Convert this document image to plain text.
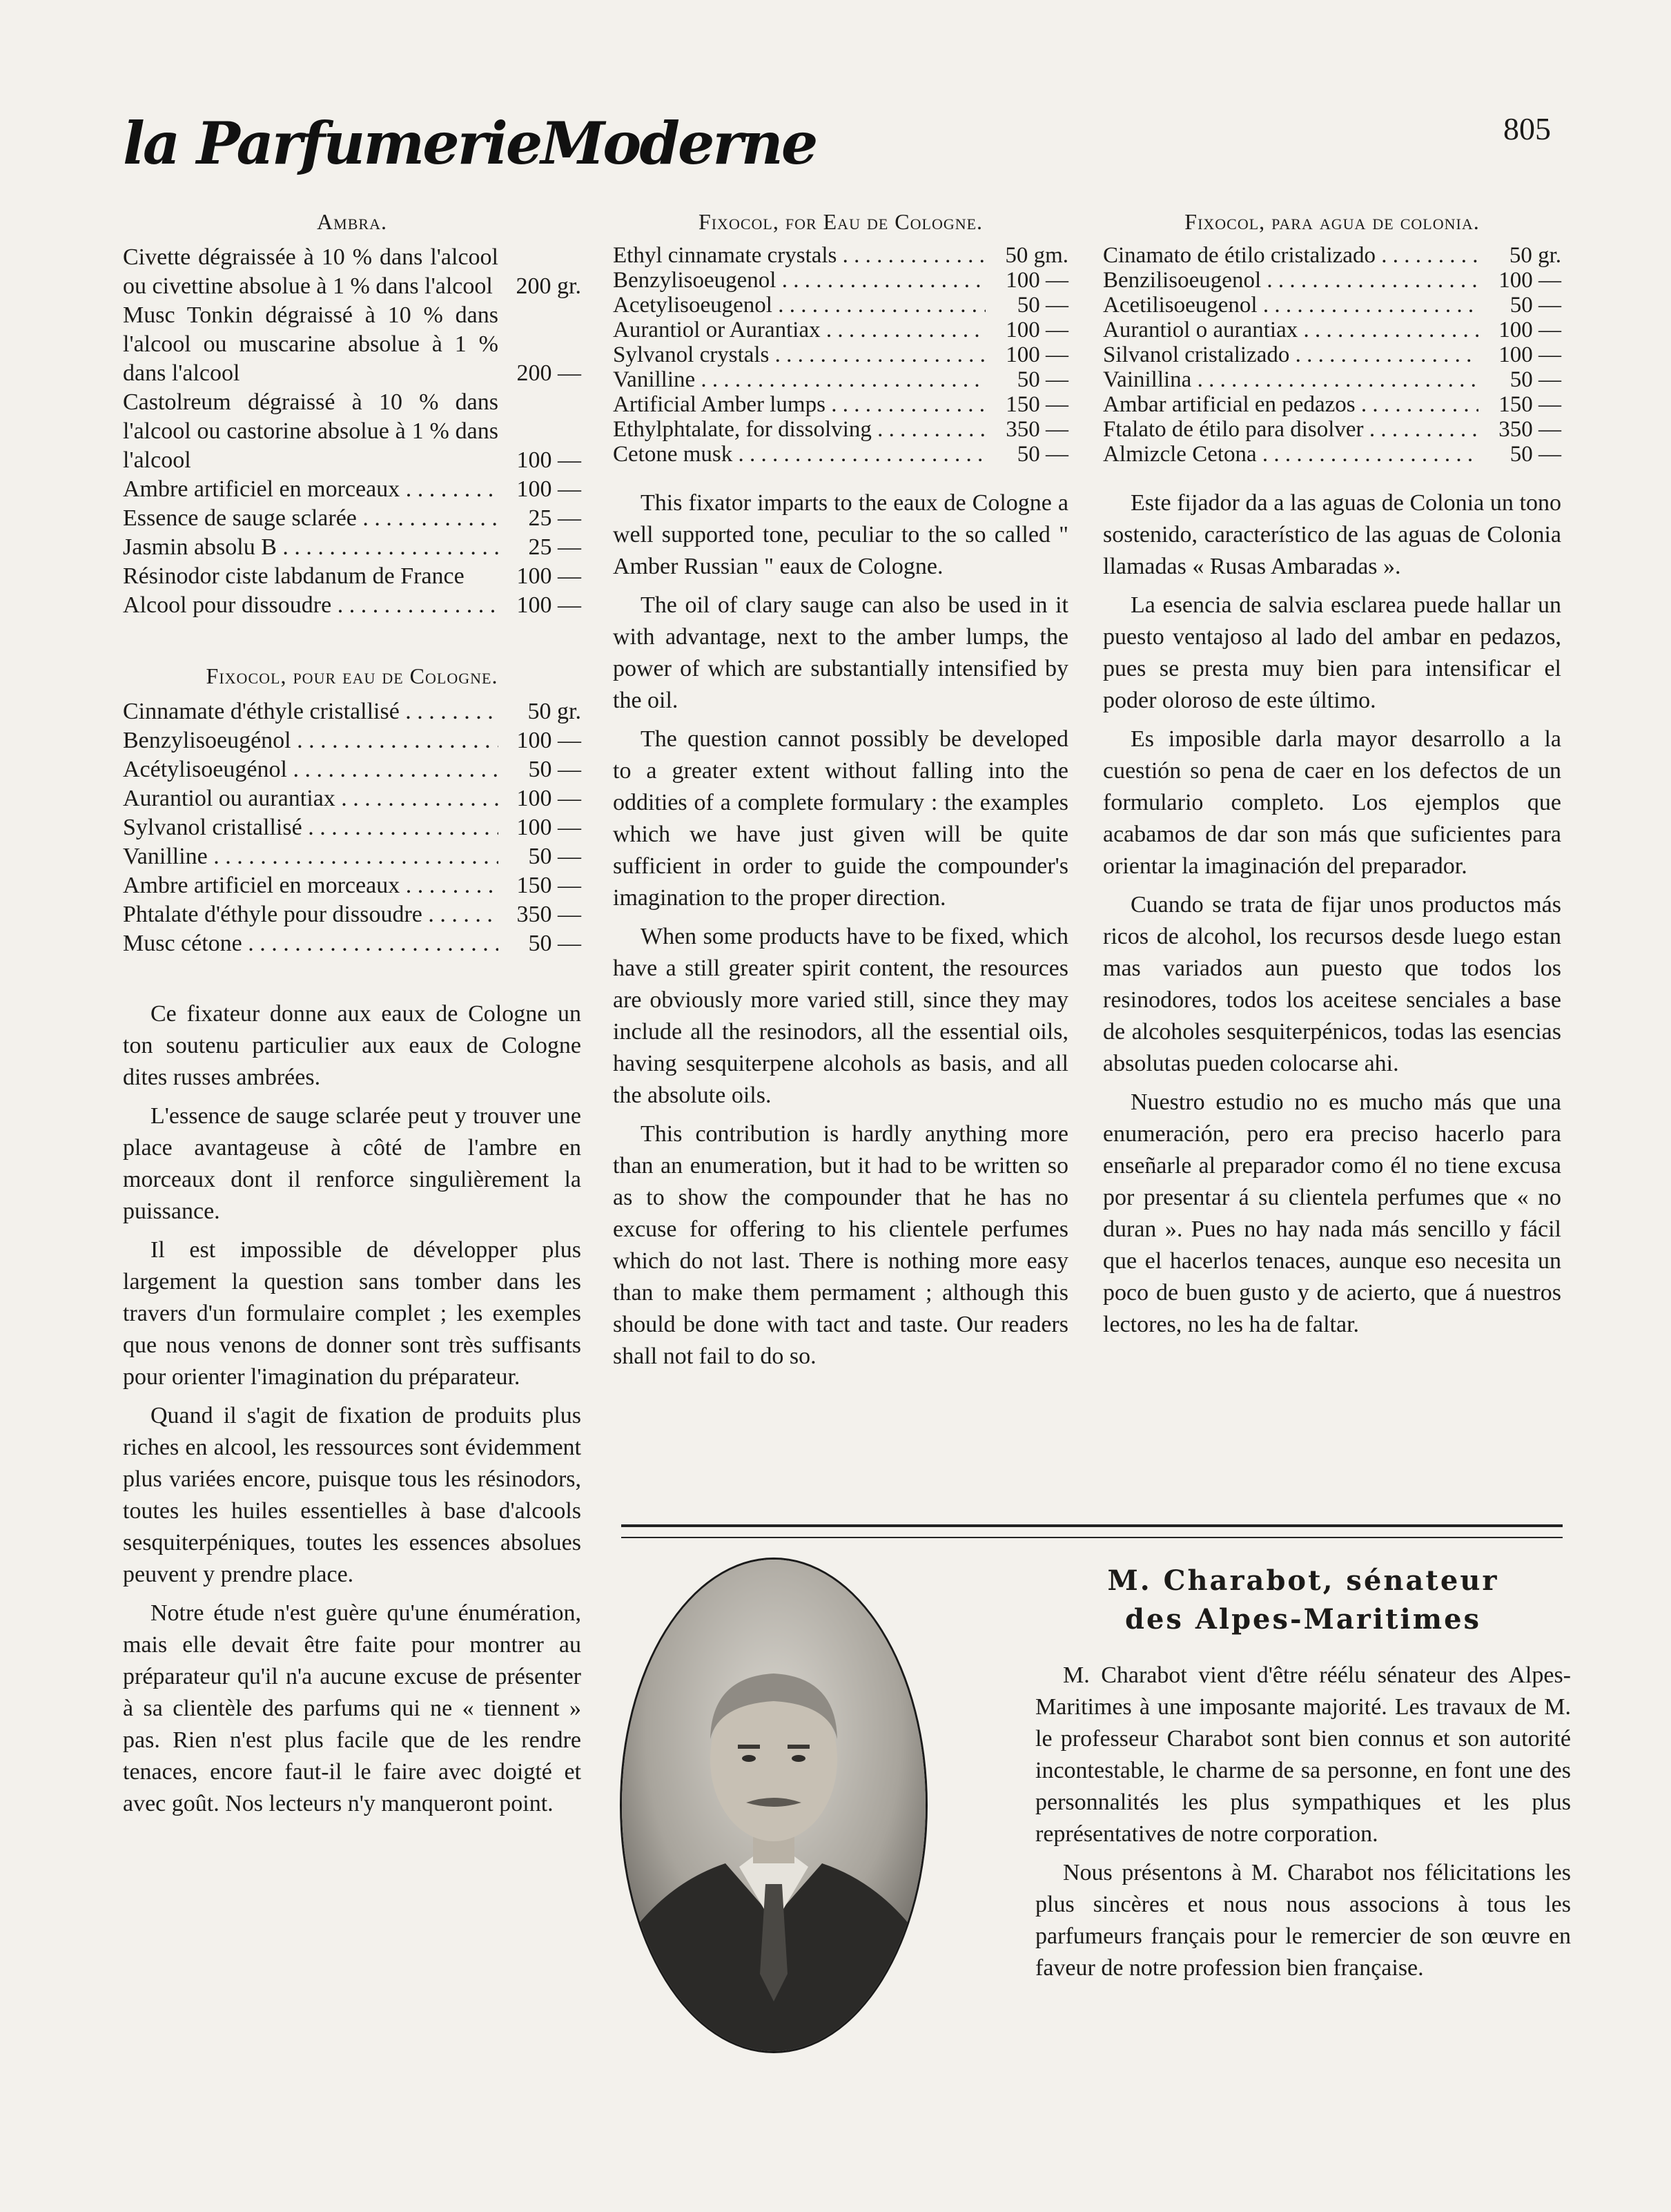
la ParfumerieModerne	805
Ambra.
Civette dégraissée à 10 % dans l'alcool ou civettine absolue à 1 % dans l'alcool 200 gr.
Musc Tonkin dégraissé à 10 % dans l'alcool ou muscarine absolue à 1 % dans l'alcool	200 —
Castolreum dégraissé à 10 % dans l'alcool ou castorine absolue à 1 % dans l'alcool	100 —
Ambre artificiel en morceaux . . .	100 —
Essence de sauge sclarée . . .	25 —
Jasmin absolu B . . .	25 —
Résinodor ciste labdanum de France	100 —
Alcool pour dissoudre . . .	100 —
Fixocol, pour eau de Cologne.
Cinnamate d'éthyle cristallisé . . .	50 gr.
Benzylisoeugénol . . .	100 —
Acétylisoeugénol . . .	50 —
Aurantiol ou aurantiax . . .	100 —
Sylvanol cristallisé . . .	100 —
Vanilline . . .	50 —
Ambre artificiel en morceaux . . .	150 —
Phtalate d'éthyle pour dissoudre . . .	350 —
Musc cétone . . .	50 —

Ce fixateur donne aux eaux de Cologne un ton soutenu particulier aux eaux de Cologne dites russes ambrées.

L'essence de sauge sclarée peut y trouver une place avantageuse à côté de l'ambre en morceaux dont il renforce singulièrement la puissance.

Il est impossible de développer plus largement la question sans tomber dans les travers d'un formulaire complet ; les exemples que nous venons de donner sont très suffisants pour orienter l'imagination du préparateur.

Quand il s'agit de fixation de produits plus riches en alcool, les ressources sont évidemment plus variées encore, puisque tous les résinodors, toutes les huiles essentielles à base d'alcools sesquiterpéniques, toutes les essences absolues peuvent y prendre place.

Notre étude n'est guère qu'une énumération, mais elle devait être faite pour montrer au préparateur qu'il n'a aucune excuse de présenter à sa clientèle des parfums qui ne « tiennent » pas. Rien n'est plus facile que de les rendre tenaces, encore faut-il le faire avec doigté et avec goût. Nos lecteurs n'y manqueront point.

Fixocol, for Eau de Cologne.
Ethyl cinnamate crystals . . .	50 gm.
Benzylisoeugenol . . .	100 —
Acetylisoeugenol . . .	50 —
Aurantiol or Aurantiax . . .	100 —
Sylvanol crystals . . .	100 —
Vanilline . . .	50 —
Artificial Amber lumps . . .	150 —
Ethylphtalate, for dissolving . . .	350 —
Cetone musk . . .	50 —

This fixator imparts to the eaux de Cologne a well supported tone, peculiar to the so called " Amber Russian " eaux de Cologne.

The oil of clary sauge can also be used in it with advantage, next to the amber lumps, the power of which are substantially intensified by the oil.

The question cannot possibly be developed to a greater extent without falling into the oddities of a complete formulary : the examples which we have just given will be quite sufficient in order to guide the compounder's imagination to the proper direction.

When some products have to be fixed, which have a still greater spirit content, the resources are obviously more varied still, since they may include all the resinodors, all the essential oils, having sesquiterpene alcohols as basis, and all the absolute oils.

This contribution is hardly anything more than an enumeration, but it had to be written so as to show the compounder that he has no excuse for offering to his clientele perfumes which do not last. There is nothing more easy than to make them permament ; although this should be done with tact and taste. Our readers shall not fail to do so.

Fixocol, para agua de colonia.
Cinamato de étilo cristalizado . . .	50 gr.
Benzilisoeugenol . . .	100 —
Acetilisoeugenol . . .	50 —
Aurantiol o aurantiax . . .	100 —
Silvanol cristalizado . . .	100 —
Vainillina . . .	50 —
Ambar artificial en pedazos . . .	150 —
Ftalato de étilo para disolver . . .	350 —
Almizcle Cetona . . .	50 —

Este fijador da a las aguas de Colonia un tono sostenido, característico de las aguas de Colonia llamadas « Rusas Ambaradas ».

La esencia de salvia esclarea puede hallar un puesto ventajoso al lado del ambar en pedazos, pues se presta muy bien para intensificar el poder oloroso de este último.

Es imposible darla mayor desarrollo a la cuestión so pena de caer en los defectos de un formulario completo. Los ejemplos que acabamos de dar son más que suficientes para orientar la imaginación del preparador.

Cuando se trata de fijar unos productos más ricos de alcohol, los recursos desde luego estan mas variados aun puesto que todos los resinodores, todos los aceitese senciales a base de alcoholes sesquiterpénicos, todas las esencias absolutas pueden colocarse ahi.

Nuestro estudio no es mucho más que una enumeración, pero era preciso hacerlo para enseñarle al preparador como él no tiene excusa por presentar á su clientela perfumes que « no duran ». Pues no hay nada más sencillo y fácil que el hacerlos tenaces, aunque eso necesita un poco de buen gusto y de acierto, que á nuestros lectores, no les ha de faltar.

M. Charabot, sénateur
des Alpes-Maritimes

M. Charabot vient d'être réélu sénateur des Alpes-Maritimes à une imposante majorité. Les travaux de M. le professeur Charabot sont bien connus et son autorité incontestable, le charme de sa personne, en font une des personnalités les plus sympathiques et les plus représentatives de notre corporation.

Nous présentons à M. Charabot nos félicitations les plus sincères et nous nous associons à tous les parfumeurs français pour le remercier de son œuvre en faveur de notre profession bien française.
